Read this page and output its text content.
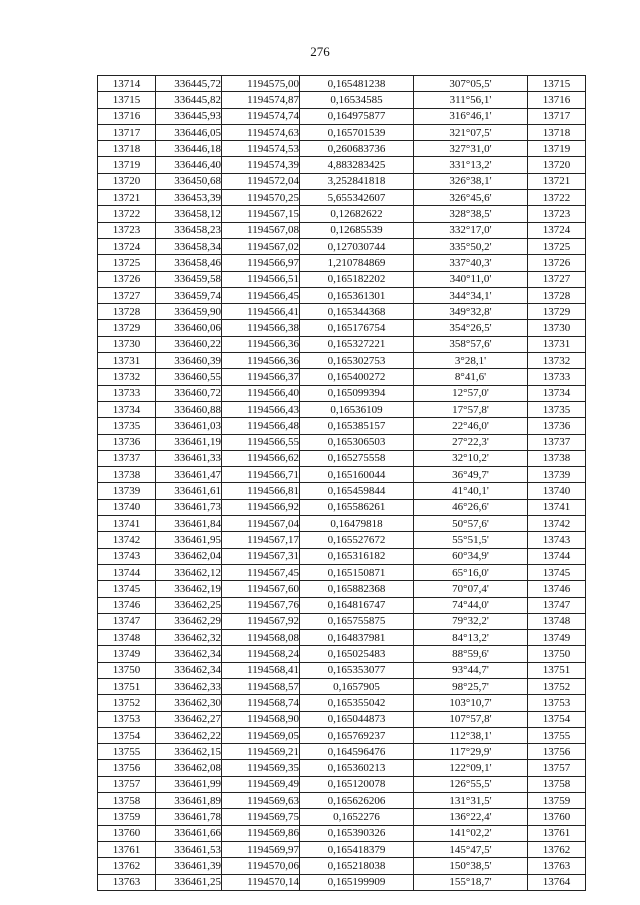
276
13714	336445,72	1194575,00	0,165481238	307°05,5'	13715
13715	336445,82	1194574,87	0,16534585	311°56,1'	13716
13716	336445,93	1194574,74	0,164975877	316°46,1'	13717
13717	336446,05	1194574,63	0,165701539	321°07,5'	13718
13718	336446,18	1194574,53	0,260683736	327°31,0'	13719
13719	336446,40	1194574,39	4,883283425	331°13,2'	13720
13720	336450,68	1194572,04	3,252841818	326°38,1'	13721
13721	336453,39	1194570,25	5,655342607	326°45,6'	13722
13722	336458,12	1194567,15	0,12682622	328°38,5'	13723
13723	336458,23	1194567,08	0,12685539	332°17,0'	13724
13724	336458,34	1194567,02	0,127030744	335°50,2'	13725
13725	336458,46	1194566,97	1,210784869	337°40,3'	13726
13726	336459,58	1194566,51	0,165182202	340°11,0'	13727
13727	336459,74	1194566,45	0,165361301	344°34,1'	13728
13728	336459,90	1194566,41	0,165344368	349°32,8'	13729
13729	336460,06	1194566,38	0,165176754	354°26,5'	13730
13730	336460,22	1194566,36	0,165327221	358°57,6'	13731
13731	336460,39	1194566,36	0,165302753	3°28,1'	13732
13732	336460,55	1194566,37	0,165400272	8°41,6'	13733
13733	336460,72	1194566,40	0,165099394	12°57,0'	13734
13734	336460,88	1194566,43	0,16536109	17°57,8'	13735
13735	336461,03	1194566,48	0,165385157	22°46,0'	13736
13736	336461,19	1194566,55	0,165306503	27°22,3'	13737
13737	336461,33	1194566,62	0,165275558	32°10,2'	13738
13738	336461,47	1194566,71	0,165160044	36°49,7'	13739
13739	336461,61	1194566,81	0,165459844	41°40,1'	13740
13740	336461,73	1194566,92	0,165586261	46°26,6'	13741
13741	336461,84	1194567,04	0,16479818	50°57,6'	13742
13742	336461,95	1194567,17	0,165527672	55°51,5'	13743
13743	336462,04	1194567,31	0,165316182	60°34,9'	13744
13744	336462,12	1194567,45	0,165150871	65°16,0'	13745
13745	336462,19	1194567,60	0,165882368	70°07,4'	13746
13746	336462,25	1194567,76	0,164816747	74°44,0'	13747
13747	336462,29	1194567,92	0,165755875	79°32,2'	13748
13748	336462,32	1194568,08	0,164837981	84°13,2'	13749
13749	336462,34	1194568,24	0,165025483	88°59,6'	13750
13750	336462,34	1194568,41	0,165353077	93°44,7'	13751
13751	336462,33	1194568,57	0,1657905	98°25,7'	13752
13752	336462,30	1194568,74	0,165355042	103°10,7'	13753
13753	336462,27	1194568,90	0,165044873	107°57,8'	13754
13754	336462,22	1194569,05	0,165769237	112°38,1'	13755
13755	336462,15	1194569,21	0,164596476	117°29,9'	13756
13756	336462,08	1194569,35	0,165360213	122°09,1'	13757
13757	336461,99	1194569,49	0,165120078	126°55,5'	13758
13758	336461,89	1194569,63	0,165626206	131°31,5'	13759
13759	336461,78	1194569,75	0,1652276	136°22,4'	13760
13760	336461,66	1194569,86	0,165390326	141°02,2'	13761
13761	336461,53	1194569,97	0,165418379	145°47,5'	13762
13762	336461,39	1194570,06	0,165218038	150°38,5'	13763
13763	336461,25	1194570,14	0,165199909	155°18,7'	13764
